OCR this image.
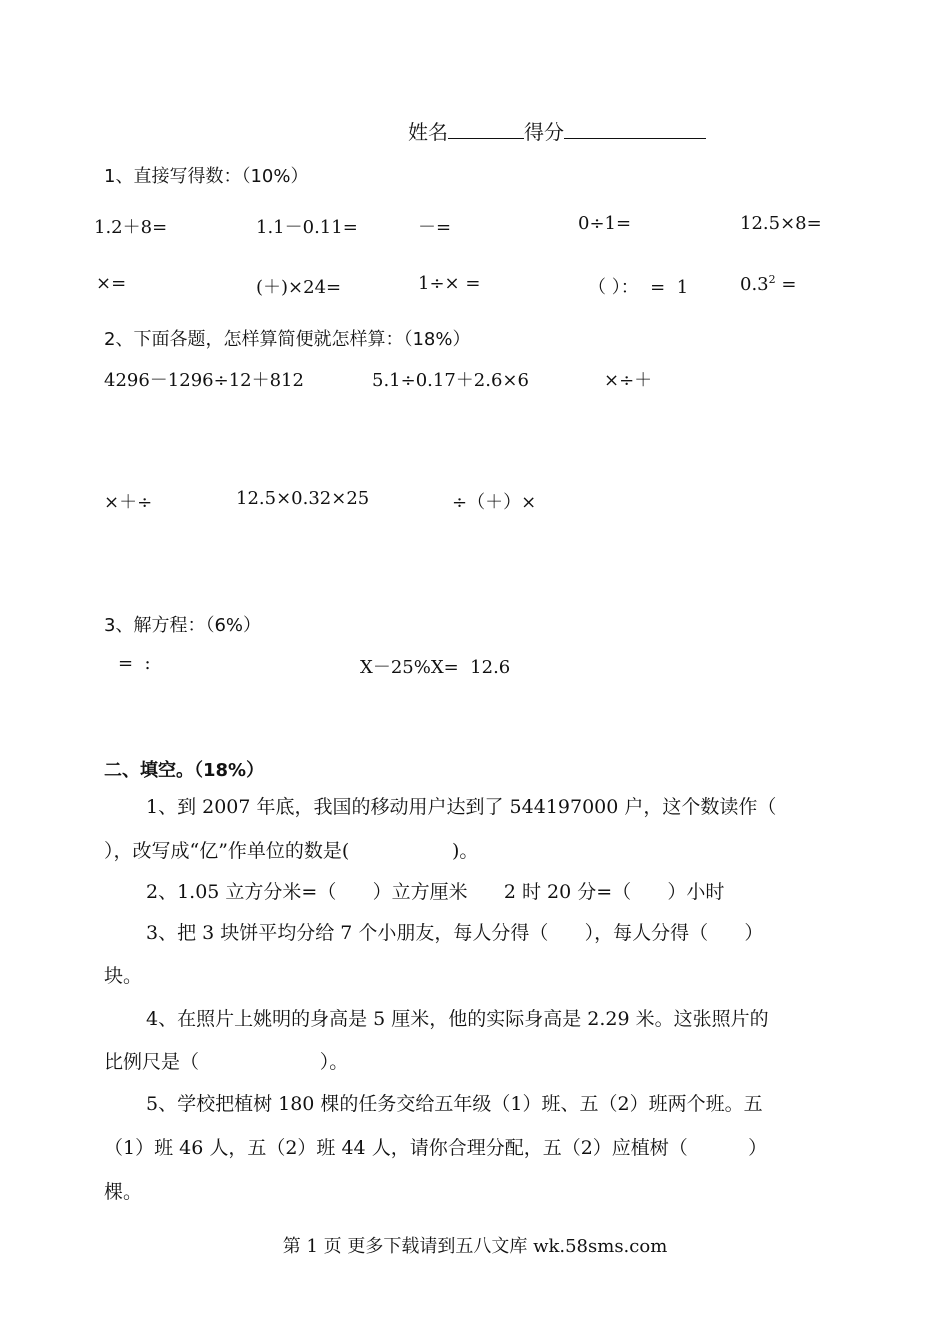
姓名	得分
1、直接写得数：（10%）
1.2＋8=	1.1－0.11=	－=	0÷1=	12.5×8=
×=	(＋)×24=	1÷× =	（ ）：  =  1	$0.3^2$ =
2、下面各题，怎样算简便就怎样算：（18%）
4296－1296÷12＋812	5.1÷0.17＋2.6×6	×÷＋
×＋÷	12.5×0.32×25	÷（＋）×
3、解方程：（6%）
=  :	X－25%X=  12.6
二、填空。（18%）
1、到 2007 年底，我国的移动用户达到了 544197000 户，这个数读作（
），改写成“亿”作单位的数是(                 )。
2、1.05 立方分米=（      ）立方厘米      2 时 20 分=（      ）小时
3、把 3 块饼平均分给 7 个小朋友，每人分得（      ），每人分得（      ）
块。
4、在照片上姚明的身高是 5 厘米，他的实际身高是 2.29 米。这张照片的
比例尺是（                    ）。
5、学校把植树 180 棵的任务交给五年级（1）班、五（2）班两个班。五
（1）班 46 人，五（2）班 44 人，请你合理分配，五（2）应植树（          ）
棵。
第 1 页 更多下载请到五八文库 wk.58sms.com
